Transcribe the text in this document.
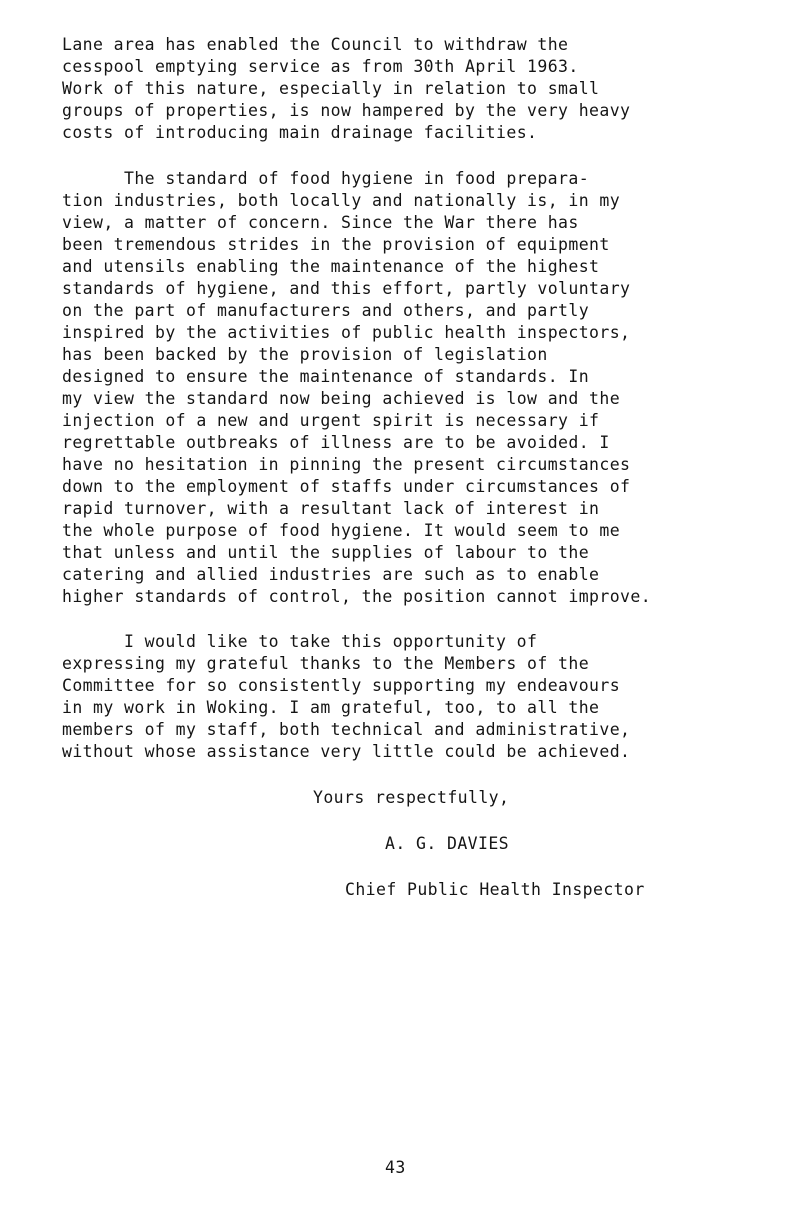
Lane area has enabled the Council to withdraw the
cesspool emptying service as from 30th April 1963.
Work of this nature, especially in relation to small
groups of properties, is now hampered by the very heavy
costs of introducing main drainage facilities.
The standard of food hygiene in food prepara-
tion industries, both locally and nationally is, in my
view, a matter of concern. Since the War there has
been tremendous strides in the provision of equipment
and utensils enabling the maintenance of the highest
standards of hygiene, and this effort, partly voluntary
on the part of manufacturers and others, and partly
inspired by the activities of public health inspectors,
has been backed by the provision of legislation
designed to ensure the maintenance of standards. In
my view the standard now being achieved is low and the
injection of a new and urgent spirit is necessary if
regrettable outbreaks of illness are to be avoided. I
have no hesitation in pinning the present circumstances
down to the employment of staffs under circumstances of
rapid turnover, with a resultant lack of interest in
the whole purpose of food hygiene. It would seem to me
that unless and until the supplies of labour to the
catering and allied industries are such as to enable
higher standards of control, the position cannot improve.
I would like to take this opportunity of
expressing my grateful thanks to the Members of the
Committee for so consistently supporting my endeavours
in my work in Woking. I am grateful, too, to all the
members of my staff, both technical and administrative,
without whose assistance very little could be achieved.
Yours respectfully,
A. G. DAVIES
Chief Public Health Inspector
43
